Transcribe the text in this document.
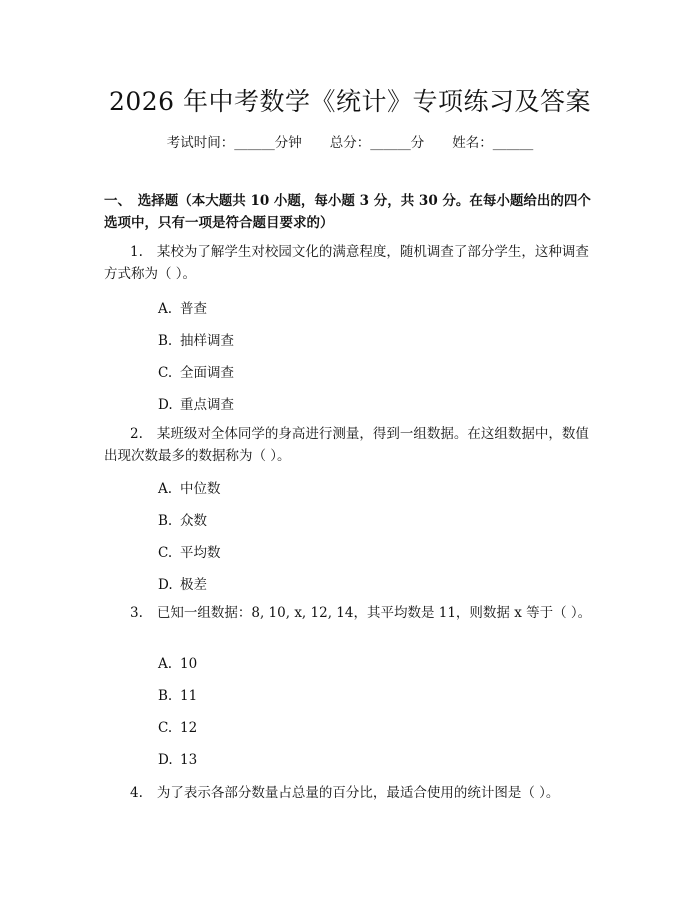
2026 年中考数学《统计》专项练习及答案
考试时间：______分钟 总分：______分 姓名：______
一、　选择题（本大题共 10 小题，每小题 3 分，共 30 分。在每小题给出的四个选项中，只有一项是符合题目要求的）
1. 某校为了解学生对校园文化的满意程度，随机调查了部分学生，这种调查方式称为（ ）。
A. 普查
B. 抽样调查
C. 全面调查
D. 重点调查
2. 某班级对全体同学的身高进行测量，得到一组数据。在这组数据中，数值出现次数最多的数据称为（ ）。
A. 中位数
B. 众数
C. 平均数
D. 极差
3. 已知一组数据：8, 10, x, 12, 14，其平均数是 11，则数据 x 等于（ ）。
A. 10
B. 11
C. 12
D. 13
4. 为了表示各部分数量占总量的百分比，最适合使用的统计图是（ ）。
